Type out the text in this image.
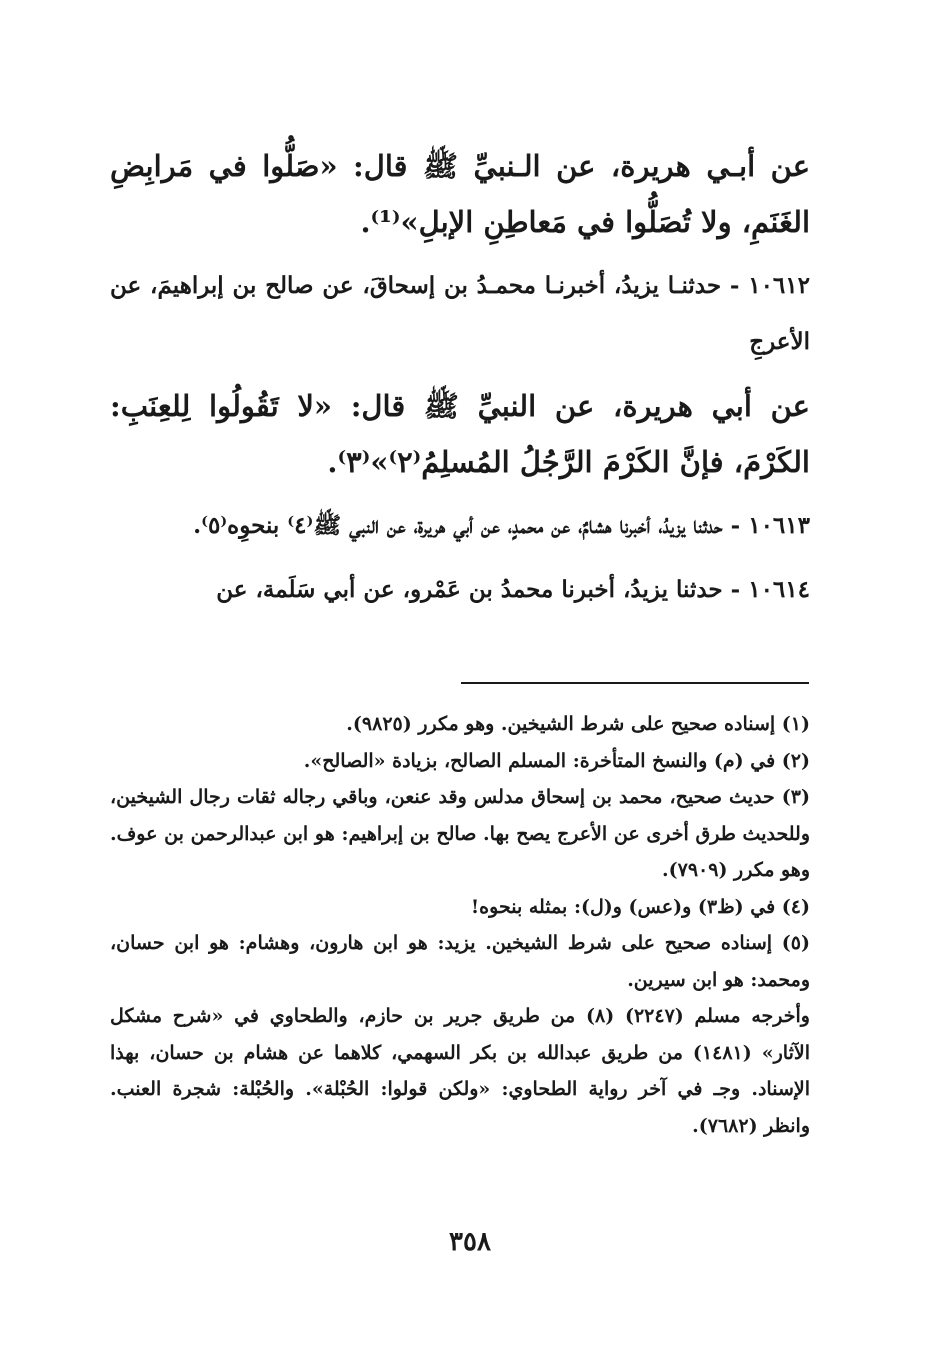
عن أبـي هريرة، عن الـنبيِّ ﷺ قال: «صَلُّوا في مَرابِضِ الغَنَمِ، ولا تُصَلُّوا في مَعاطِنِ الإبلِ»⁽¹⁾.

١٠٦١٢ - حدثنـا يزيدُ، أخبرنـا محمـدُ بن إسحاقَ، عن صالح بن إبراهيمَ، عن الأعرجِ

عن أبي هريرة، عن النبيِّ ﷺ قال: «لا تَقُولُوا لِلعِنَبِ: الكَرْمَ، فإنَّ الكَرْمَ الرَّجُلُ المُسلِمُ⁽٢⁾»⁽٣⁾.

١٠٦١٣ - حدثنا يزيدُ، أخبرنا هشامٌ، عن محمدٍ، عن أبي هريرة، عن النبي ﷺ⁽٤⁾ بنحوِه⁽٥⁾.

١٠٦١٤ - حدثنا يزيدُ، أخبرنا محمدُ بن عَمْرو، عن أبي سَلَمة، عن

(١) إسناده صحيح على شرط الشيخين. وهو مكرر (٩٨٢٥).

(٢) في (م) والنسخ المتأخرة: المسلم الصالح، بزيادة «الصالح».

(٣) حديث صحيح، محمد بن إسحاق مدلس وقد عنعن، وباقي رجاله ثقات رجال الشيخين، وللحديث طرق أخرى عن الأعرج يصح بها. صالح بن إبراهيم: هو ابن عبدالرحمن بن عوف. وهو مكرر (٧٩٠٩).

(٤) في (ظ٣) و(عس) و(ل): بمثله بنحوه!

(٥) إسناده صحيح على شرط الشيخين. يزيد: هو ابن هارون، وهشام: هو ابن حسان، ومحمد: هو ابن سيرين.

وأخرجه مسلم (٢٢٤٧) (٨) من طريق جرير بن حازم، والطحاوي في «شرح مشكل الآثار» (١٤٨١) من طريق عبدالله بن بكر السهمي، كلاهما عن هشام بن حسان، بهذا الإسناد. وجـ في آخر رواية الطحاوي: «ولكن قولوا: الحُبْلة». والحُبْلة: شجرة العنب. وانظر (٧٦٨٢).

٣٥٨
